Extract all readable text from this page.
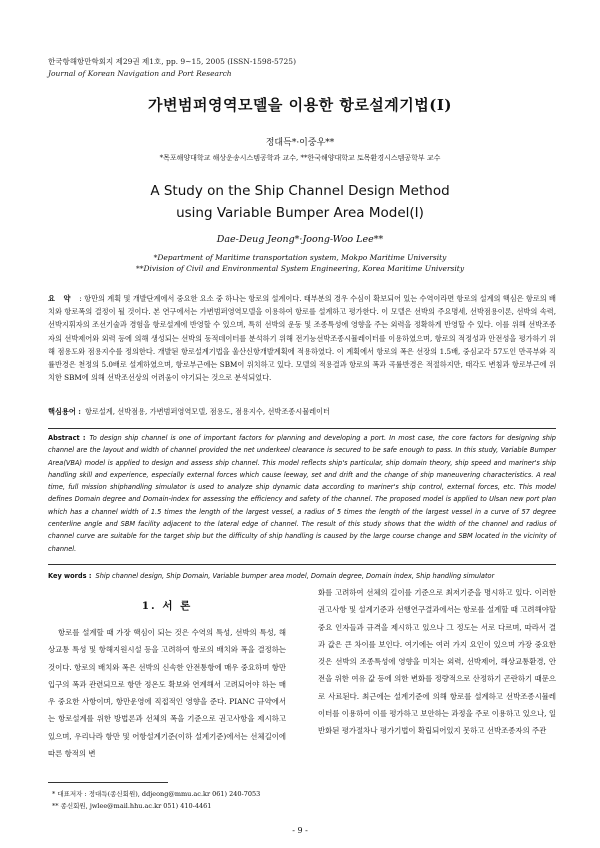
한국항해항만학회지 제29권 제1호, pp. 9~15, 2005 (ISSN-1598-5725)
Journal of Korean Navigation and Port Research
가변범퍼영역모델을 이용한 항로설계기법(Ⅰ)
정대득*·이중우**
*목포해양대학교 해상운송시스템공학과 교수, **한국해양대학교 토목환경시스템공학부 교수
A Study on the Ship Channel Design Method
using Variable Bumper Area Model(Ⅰ)
Dae-Deug Jeong*·Joong-Woo Lee**
*Department of Maritime transportation system, Mokpo Maritime University
**Division of Civil and Environmental System Engineering, Korea Maritime University
요 약 : 항만의 계획 및 개발단계에서 중요한 요소 중 하나는 항로의 설계이다. 태부분의 경우 수심이 확보되어 있는 수역이라면 항로의 설계의 핵심은 항로의 배치와 항로폭의 결정이 될 것이다. 본 연구에서는 가변범퍼영역모델을 이용하여 항로를 설계하고 평가한다. 이 모델은 선박의 주요명세, 선박점용이론, 선박의 속력, 선박지휘자의 조선기술과 경험을 항로설계에 반영할 수 있으며, 특히 선박의 운동 및 조종특성에 영향을 주는 외력을 정확하게 반영할 수 있다. 이를 위해 선박조종자의 선박제어와 외력 등에 의해 생성되는 선박의 동적데이터를 분석하기 위해 전기능선박조종시뮬레이터를 이용하였으며, 항로의 적정성과 안전성을 평가하기 위해 점용도와 점용지수를 정의한다. 개발된 항로설계기법을 울산신항개발계획에 적용하였다. 이 계획에서 항로의 폭은 선장의 1.5배, 중심교각 57도인 만곡부와 직률반경은 천정의 5.0배로 설계하였으며, 항로부근에는 SBM이 위치하고 있다. 모델의 적용결과 항로의 폭과 곡률반경은 적절하지만, 태각도 변침과 항로부근에 위치한 SBM에 의해 선박조선상의 어려움이 야기되는 것으로 분석되었다.
핵심용어 : 항로설계, 선박점용, 가변범퍼영역모델, 점용도, 점용지수, 선박조종시뮬레이터
Abstract : To design ship channel is one of important factors for planning and developing a port. In most case, the core factors for designing ship channel are the layout and width of channel provided the net underkeel clearance is secured to be safe enough to pass. In this study, Variable Bumper Area(VBA) model is applied to design and assess ship channel. This model reflects ship's particular, ship domain theory, ship speed and mariner's ship handling skill and experience, especially external forces which cause leeway, set and drift and the change of ship maneuvering characteristics. A real time, full mission shiphandling simulator is used to analyze ship dynamic data according to mariner's ship control, external forces, etc. This model defines Domain degree and Domain-index for assessing the efficiency and safety of the channel. The proposed model is applied to Ulsan new port plan which has a channel width of 1.5 times the length of the largest vessel, a radius of 5 times the length of the largest vessel in a curve of 57 degree centerline angle and SBM facility adjacent to the lateral edge of channel. The result of this study shows that the width of the channel and radius of channel curve are suitable for the target ship but the difficulty of ship handling is caused by the large course change and SBM located in the vicinity of channel.
Key words : Ship channel design, Ship Domain, Variable bumper area model, Domain degree, Domain index, Ship handling simulator
1. 서 론

항로를 설계할 때 가장 핵심이 되는 것은 수역의 특성, 선박의 특성, 해상교통 특성 및 항해지원시설 등을 고려하여 항로의 배치와 폭을 결정하는 것이다. 항로의 배치와 폭은 선박의 신속한 안전통항에 매우 중요하며 항만 입구의 폭과 관련되므로 항만 정온도 확보와 연계해서 고려되어야 하는 매우 중요한 사항이며, 항만운영에 직접적인 영향을 준다. PIANC 규약에서는 항로설계를 위한 방법론과 선체의 폭을 기준으로 권고사항을 제시하고 있으며, 우리나라 항만 및 어항설계기준(이하 설계기준)에서는 선체길이에 따른 항적의 변

화를 고려하여 선체의 길이를 기준으로 최저기준을 명시하고 있다. 이러한 권고사항 및 설계기준과 선행연구결과에서는 항로를 설계할 때 고려해야할 중요 인자들과 규격을 제시하고 있으나 그 정도는 서로 다르며, 따라서 결과 값은 큰 차이를 보인다. 여기에는 여러 가지 요인이 있으며 가장 중요한 것은 선박의 조종특성에 영향을 미치는 외력, 선박제어, 해상교통환경, 안전을 위한 여유 값 등에 의한 변화를 정량적으로 산정하기 곤란하기 때문으로 사료된다. 최근에는 설계기준에 의해 항로를 설계하고 선박조종시뮬레이터를 이용하여 이를 평가하고 보안하는 과정을 주로 이용하고 있으나, 일반화된 평가절차나 평가기법이 확립되어있지 못하고 선박조종자의 주관

* 대표저자 : 정대득(종신회원), ddjeong@mmu.ac.kr 061) 240-7053
** 종신회원, jwlee@mail.hhu.ac.kr 051) 410-4461
- 9 -
